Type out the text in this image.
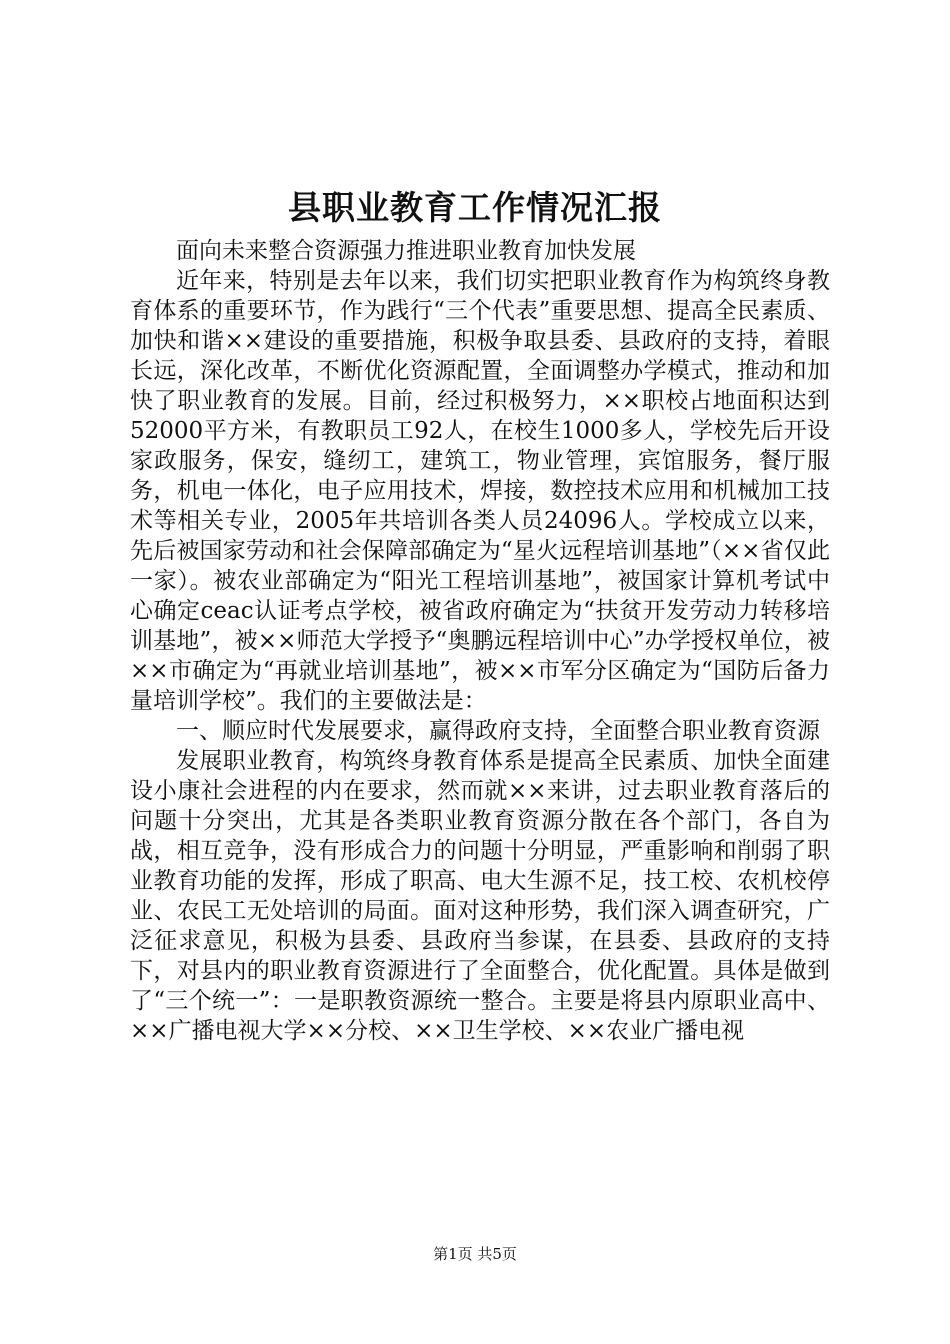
县职业教育工作情况汇报

面向未来整合资源强力推进职业教育加快发展

近年来，特别是去年以来，我们切实把职业教育作为构筑终身教育体系的重要环节，作为践行“三个代表”重要思想、提高全民素质、加快和谐××建设的重要措施，积极争取县委、县政府的支持，着眼长远，深化改革，不断优化资源配置，全面调整办学模式，推动和加快了职业教育的发展。目前，经过积极努力，××职校占地面积达到52000平方米，有教职员工92人，在校生1000多人，学校先后开设家政服务，保安，缝纫工，建筑工，物业管理，宾馆服务，餐厅服务，机电一体化，电子应用技术，焊接，数控技术应用和机械加工技术等相关专业，2005年共培训各类人员24096人。学校成立以来，先后被国家劳动和社会保障部确定为“星火远程培训基地”（××省仅此一家）。被农业部确定为“阳光工程培训基地”，被国家计算机考试中心确定ceac认证考点学校，被省政府确定为“扶贫开发劳动力转移培训基地”，被××师范大学授予“奥鹏远程培训中心”办学授权单位，被××市确定为“再就业培训基地”，被××市军分区确定为“国防后备力量培训学校”。我们的主要做法是：

一、顺应时代发展要求，赢得政府支持，全面整合职业教育资源

发展职业教育，构筑终身教育体系是提高全民素质、加快全面建设小康社会进程的内在要求，然而就××来讲，过去职业教育落后的问题十分突出，尤其是各类职业教育资源分散在各个部门，各自为战，相互竞争，没有形成合力的问题十分明显，严重影响和削弱了职业教育功能的发挥，形成了职高、电大生源不足，技工校、农机校停业、农民工无处培训的局面。面对这种形势，我们深入调查研究，广泛征求意见，积极为县委、县政府当参谋，在县委、县政府的支持下，对县内的职业教育资源进行了全面整合，优化配置。具体是做到了“三个统一”：一是职教资源统一整合。主要是将县内原职业高中、××广播电视大学××分校、××卫生学校、××农业广播电视

第1页 共5页
